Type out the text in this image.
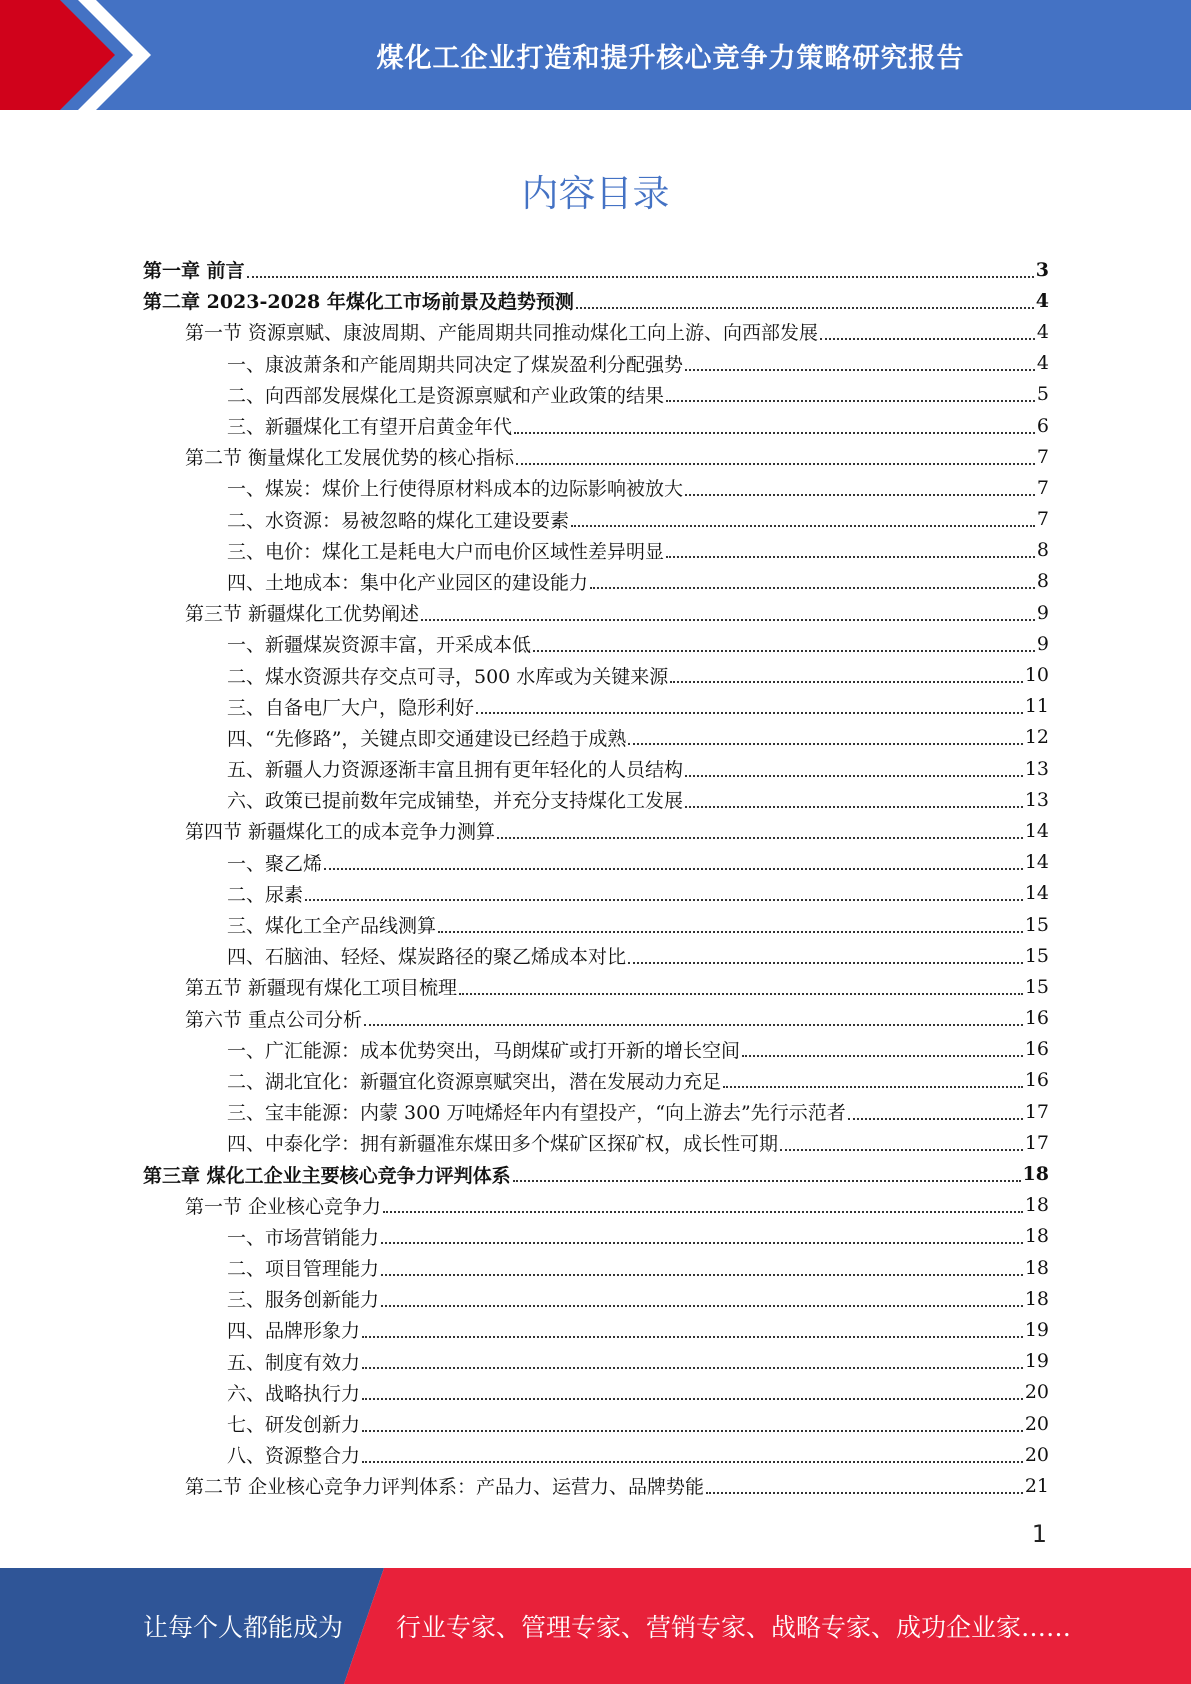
煤化工企业打造和提升核心竞争力策略研究报告
内容目录
第一章 前言	3
第二章 2023-2028 年煤化工市场前景及趋势预测	4
第一节 资源禀赋、康波周期、产能周期共同推动煤化工向上游、向西部发展	4
一、康波萧条和产能周期共同决定了煤炭盈利分配强势	4
二、向西部发展煤化工是资源禀赋和产业政策的结果	5
三、新疆煤化工有望开启黄金年代	6
第二节 衡量煤化工发展优势的核心指标	7
一、煤炭：煤价上行使得原材料成本的边际影响被放大	7
二、水资源：易被忽略的煤化工建设要素	7
三、电价：煤化工是耗电大户而电价区域性差异明显	8
四、土地成本：集中化产业园区的建设能力	8
第三节 新疆煤化工优势阐述	9
一、新疆煤炭资源丰富，开采成本低	9
二、煤水资源共存交点可寻，500 水库或为关键来源	10
三、自备电厂大户，隐形利好	11
四、“先修路”，关键点即交通建设已经趋于成熟	12
五、新疆人力资源逐渐丰富且拥有更年轻化的人员结构	13
六、政策已提前数年完成铺垫，并充分支持煤化工发展	13
第四节 新疆煤化工的成本竞争力测算	14
一、聚乙烯	14
二、尿素	14
三、煤化工全产品线测算	15
四、石脑油、轻烃、煤炭路径的聚乙烯成本对比	15
第五节 新疆现有煤化工项目梳理	15
第六节 重点公司分析	16
一、广汇能源：成本优势突出，马朗煤矿或打开新的增长空间	16
二、湖北宜化：新疆宜化资源禀赋突出，潜在发展动力充足	16
三、宝丰能源：内蒙 300 万吨烯烃年内有望投产，“向上游去”先行示范者	17
四、中泰化学：拥有新疆准东煤田多个煤矿区探矿权，成长性可期	17
第三章 煤化工企业主要核心竞争力评判体系	18
第一节 企业核心竞争力	18
一、市场营销能力	18
二、项目管理能力	18
三、服务创新能力	18
四、品牌形象力	19
五、制度有效力	19
六、战略执行力	20
七、研发创新力	20
八、资源整合力	20
第二节 企业核心竞争力评判体系：产品力、运营力、品牌势能	21
1
让每个人都能成为 行业专家、管理专家、营销专家、战略专家、成功企业家……
